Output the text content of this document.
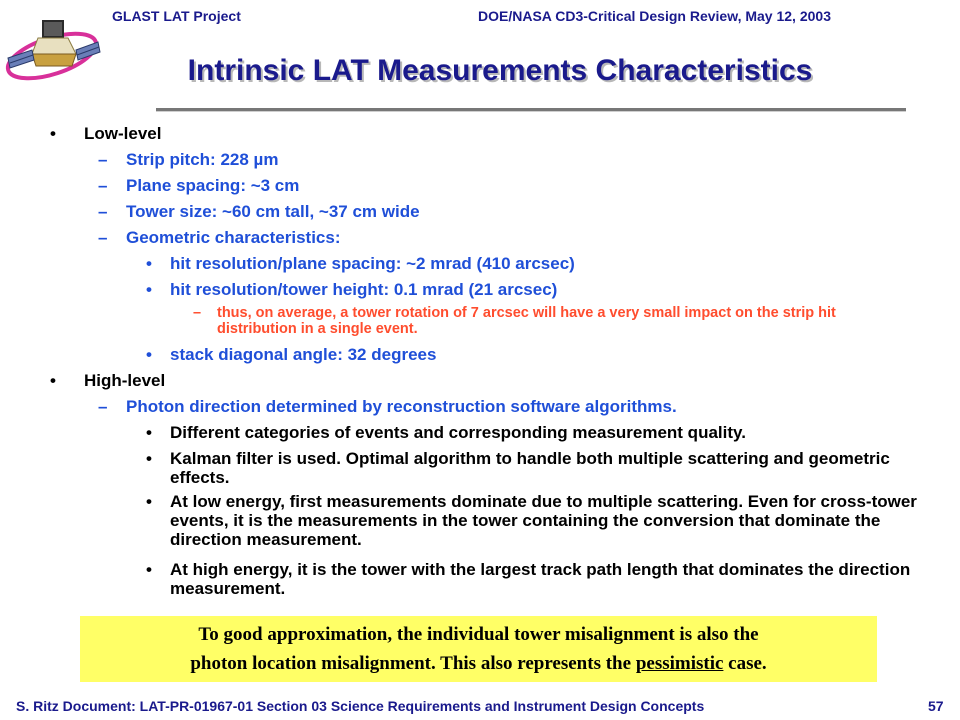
GLAST LAT Project	DOE/NASA CD3-Critical Design Review, May 12, 2003
Intrinsic LAT Measurements Characteristics
• Low-level
– Strip pitch: 228 µm
– Plane spacing: ~3 cm
– Tower size: ~60 cm tall, ~37 cm wide
– Geometric characteristics:
• hit resolution/plane spacing: ~2 mrad (410 arcsec)
• hit resolution/tower height: 0.1 mrad (21 arcsec)
– thus, on average, a tower rotation of 7 arcsec will have a very small impact on the strip hit distribution in a single event.
• stack diagonal angle: 32 degrees
• High-level
– Photon direction determined by reconstruction software algorithms.
• Different categories of events and corresponding measurement quality.
• Kalman filter is used. Optimal algorithm to handle both multiple scattering and geometric effects.
• At low energy, first measurements dominate due to multiple scattering. Even for cross-tower events, it is the measurements in the tower containing the conversion that dominate the direction measurement.
• At high energy, it is the tower with the largest track path length that dominates the direction measurement.
To good approximation, the individual tower misalignment is also the
photon location misalignment. This also represents the pessimistic case.
S. Ritz Document: LAT-PR-01967-01 Section 03 Science Requirements and Instrument Design Concepts	57
